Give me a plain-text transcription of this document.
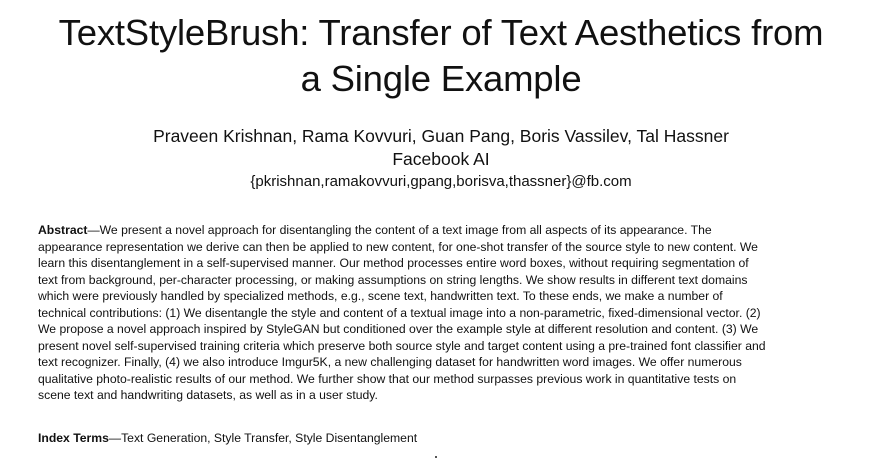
TextStyleBrush: Transfer of Text Aesthetics from
a Single Example
Praveen Krishnan, Rama Kovvuri, Guan Pang, Boris Vassilev, Tal Hassner
Facebook AI
{pkrishnan,ramakovvuri,gpang,borisva,thassner}@fb.com
Abstract—We present a novel approach for disentangling the content of a text image from all aspects of its appearance. The
appearance representation we derive can then be applied to new content, for one-shot transfer of the source style to new content. We
learn this disentanglement in a self-supervised manner. Our method processes entire word boxes, without requiring segmentation of
text from background, per-character processing, or making assumptions on string lengths. We show results in different text domains
which were previously handled by specialized methods, e.g., scene text, handwritten text. To these ends, we make a number of
technical contributions: (1) We disentangle the style and content of a textual image into a non-parametric, fixed-dimensional vector. (2)
We propose a novel approach inspired by StyleGAN but conditioned over the example style at different resolution and content. (3) We
present novel self-supervised training criteria which preserve both source style and target content using a pre-trained font classifier and
text recognizer. Finally, (4) we also introduce Imgur5K, a new challenging dataset for handwritten word images. We offer numerous
qualitative photo-realistic results of our method. We further show that our method surpasses previous work in quantitative tests on
scene text and handwriting datasets, as well as in a user study.
Index Terms—Text Generation, Style Transfer, Style Disentanglement
